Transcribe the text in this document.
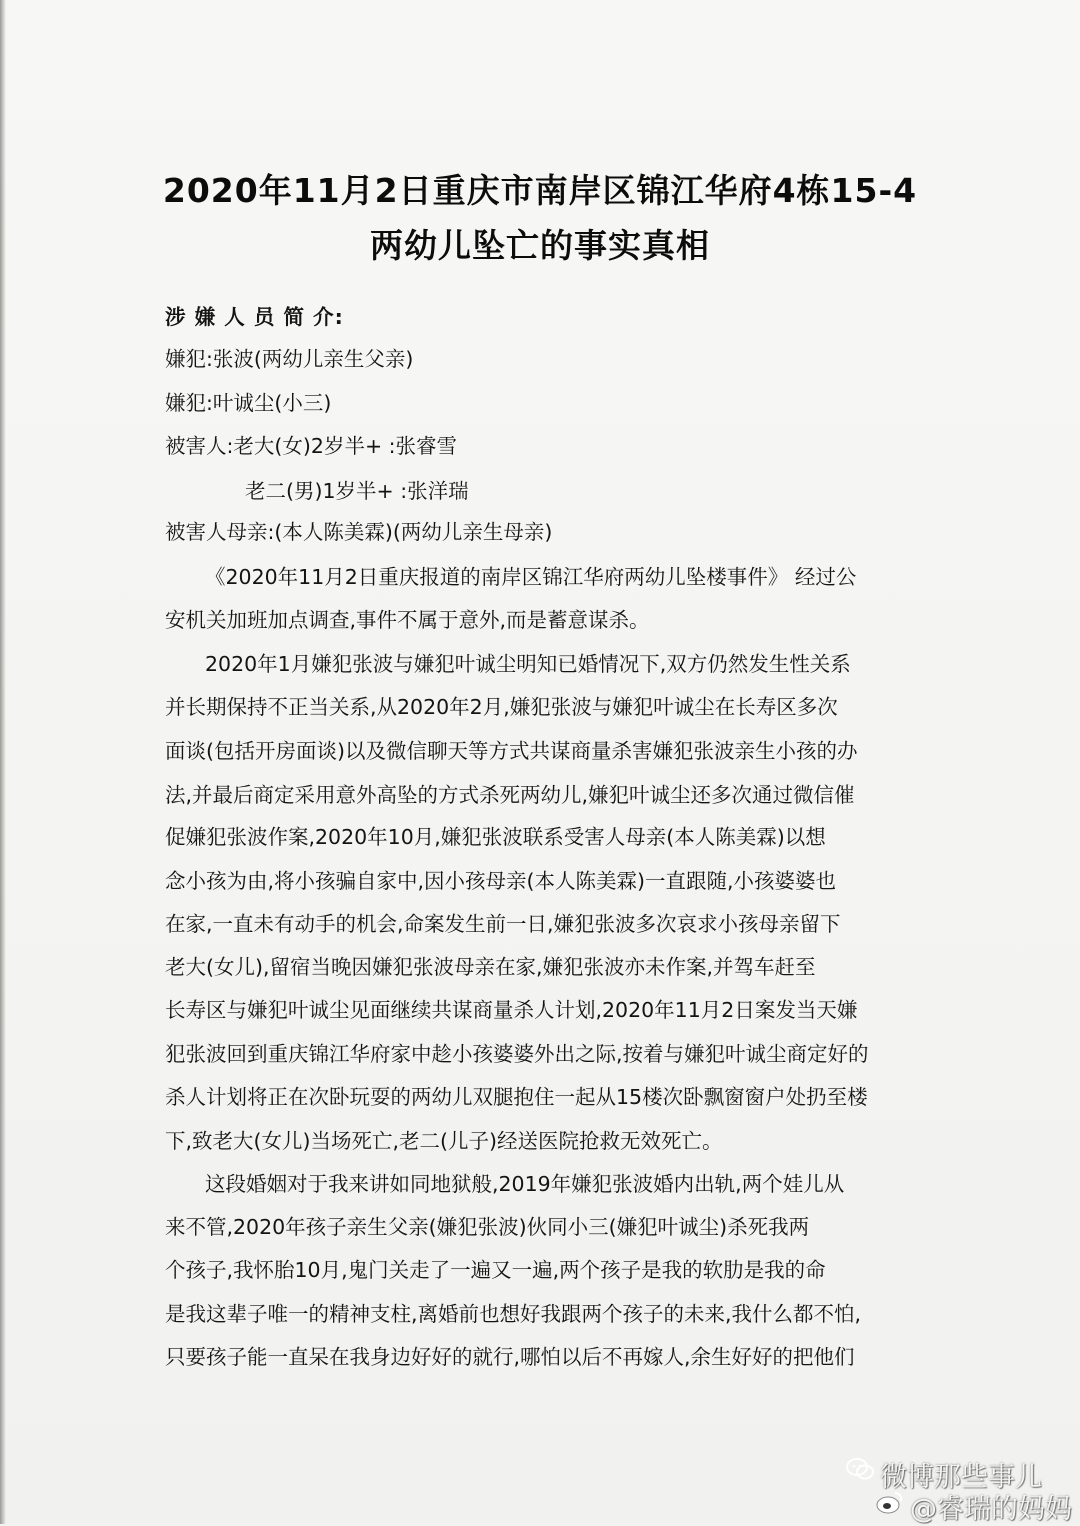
2020年11月2日重庆市南岸区锦江华府4栋15-4
两幼儿坠亡的事实真相
涉 嫌 人 员 简 介:
嫌犯:张波(两幼儿亲生父亲)
嫌犯:叶诚尘(小三)
被害人:老大(女)2岁半+ :张睿雪
老二(男)1岁半+ :张洋瑞
被害人母亲:(本人陈美霖)(两幼儿亲生母亲)
《2020年11月2日重庆报道的南岸区锦江华府两幼儿坠楼事件》 经过公
安机关加班加点调查,事件不属于意外,而是蓄意谋杀。
2020年1月嫌犯张波与嫌犯叶诚尘明知已婚情况下,双方仍然发生性关系
并长期保持不正当关系,从2020年2月,嫌犯张波与嫌犯叶诚尘在长寿区多次
面谈(包括开房面谈)以及微信聊天等方式共谋商量杀害嫌犯张波亲生小孩的办
法,并最后商定采用意外高坠的方式杀死两幼儿,嫌犯叶诚尘还多次通过微信催
促嫌犯张波作案,2020年10月,嫌犯张波联系受害人母亲(本人陈美霖)以想
念小孩为由,将小孩骗自家中,因小孩母亲(本人陈美霖)一直跟随,小孩婆婆也
在家,一直未有动手的机会,命案发生前一日,嫌犯张波多次哀求小孩母亲留下
老大(女儿),留宿当晚因嫌犯张波母亲在家,嫌犯张波亦未作案,并驾车赶至
长寿区与嫌犯叶诚尘见面继续共谋商量杀人计划,2020年11月2日案发当天嫌
犯张波回到重庆锦江华府家中趁小孩婆婆外出之际,按着与嫌犯叶诚尘商定好的
杀人计划将正在次卧玩耍的两幼儿双腿抱住一起从15楼次卧飘窗窗户处扔至楼
下,致老大(女儿)当场死亡,老二(儿子)经送医院抢救无效死亡。
这段婚姻对于我来讲如同地狱般,2019年嫌犯张波婚内出轨,两个娃儿从
来不管,2020年孩子亲生父亲(嫌犯张波)伙同小三(嫌犯叶诚尘)杀死我两
个孩子,我怀胎10月,鬼门关走了一遍又一遍,两个孩子是我的软肋是我的命
是我这辈子唯一的精神支柱,离婚前也想好我跟两个孩子的未来,我什么都不怕,
只要孩子能一直呆在我身边好好的就行,哪怕以后不再嫁人,余生好好的把他们
微博那些事儿
@睿瑞的妈妈
